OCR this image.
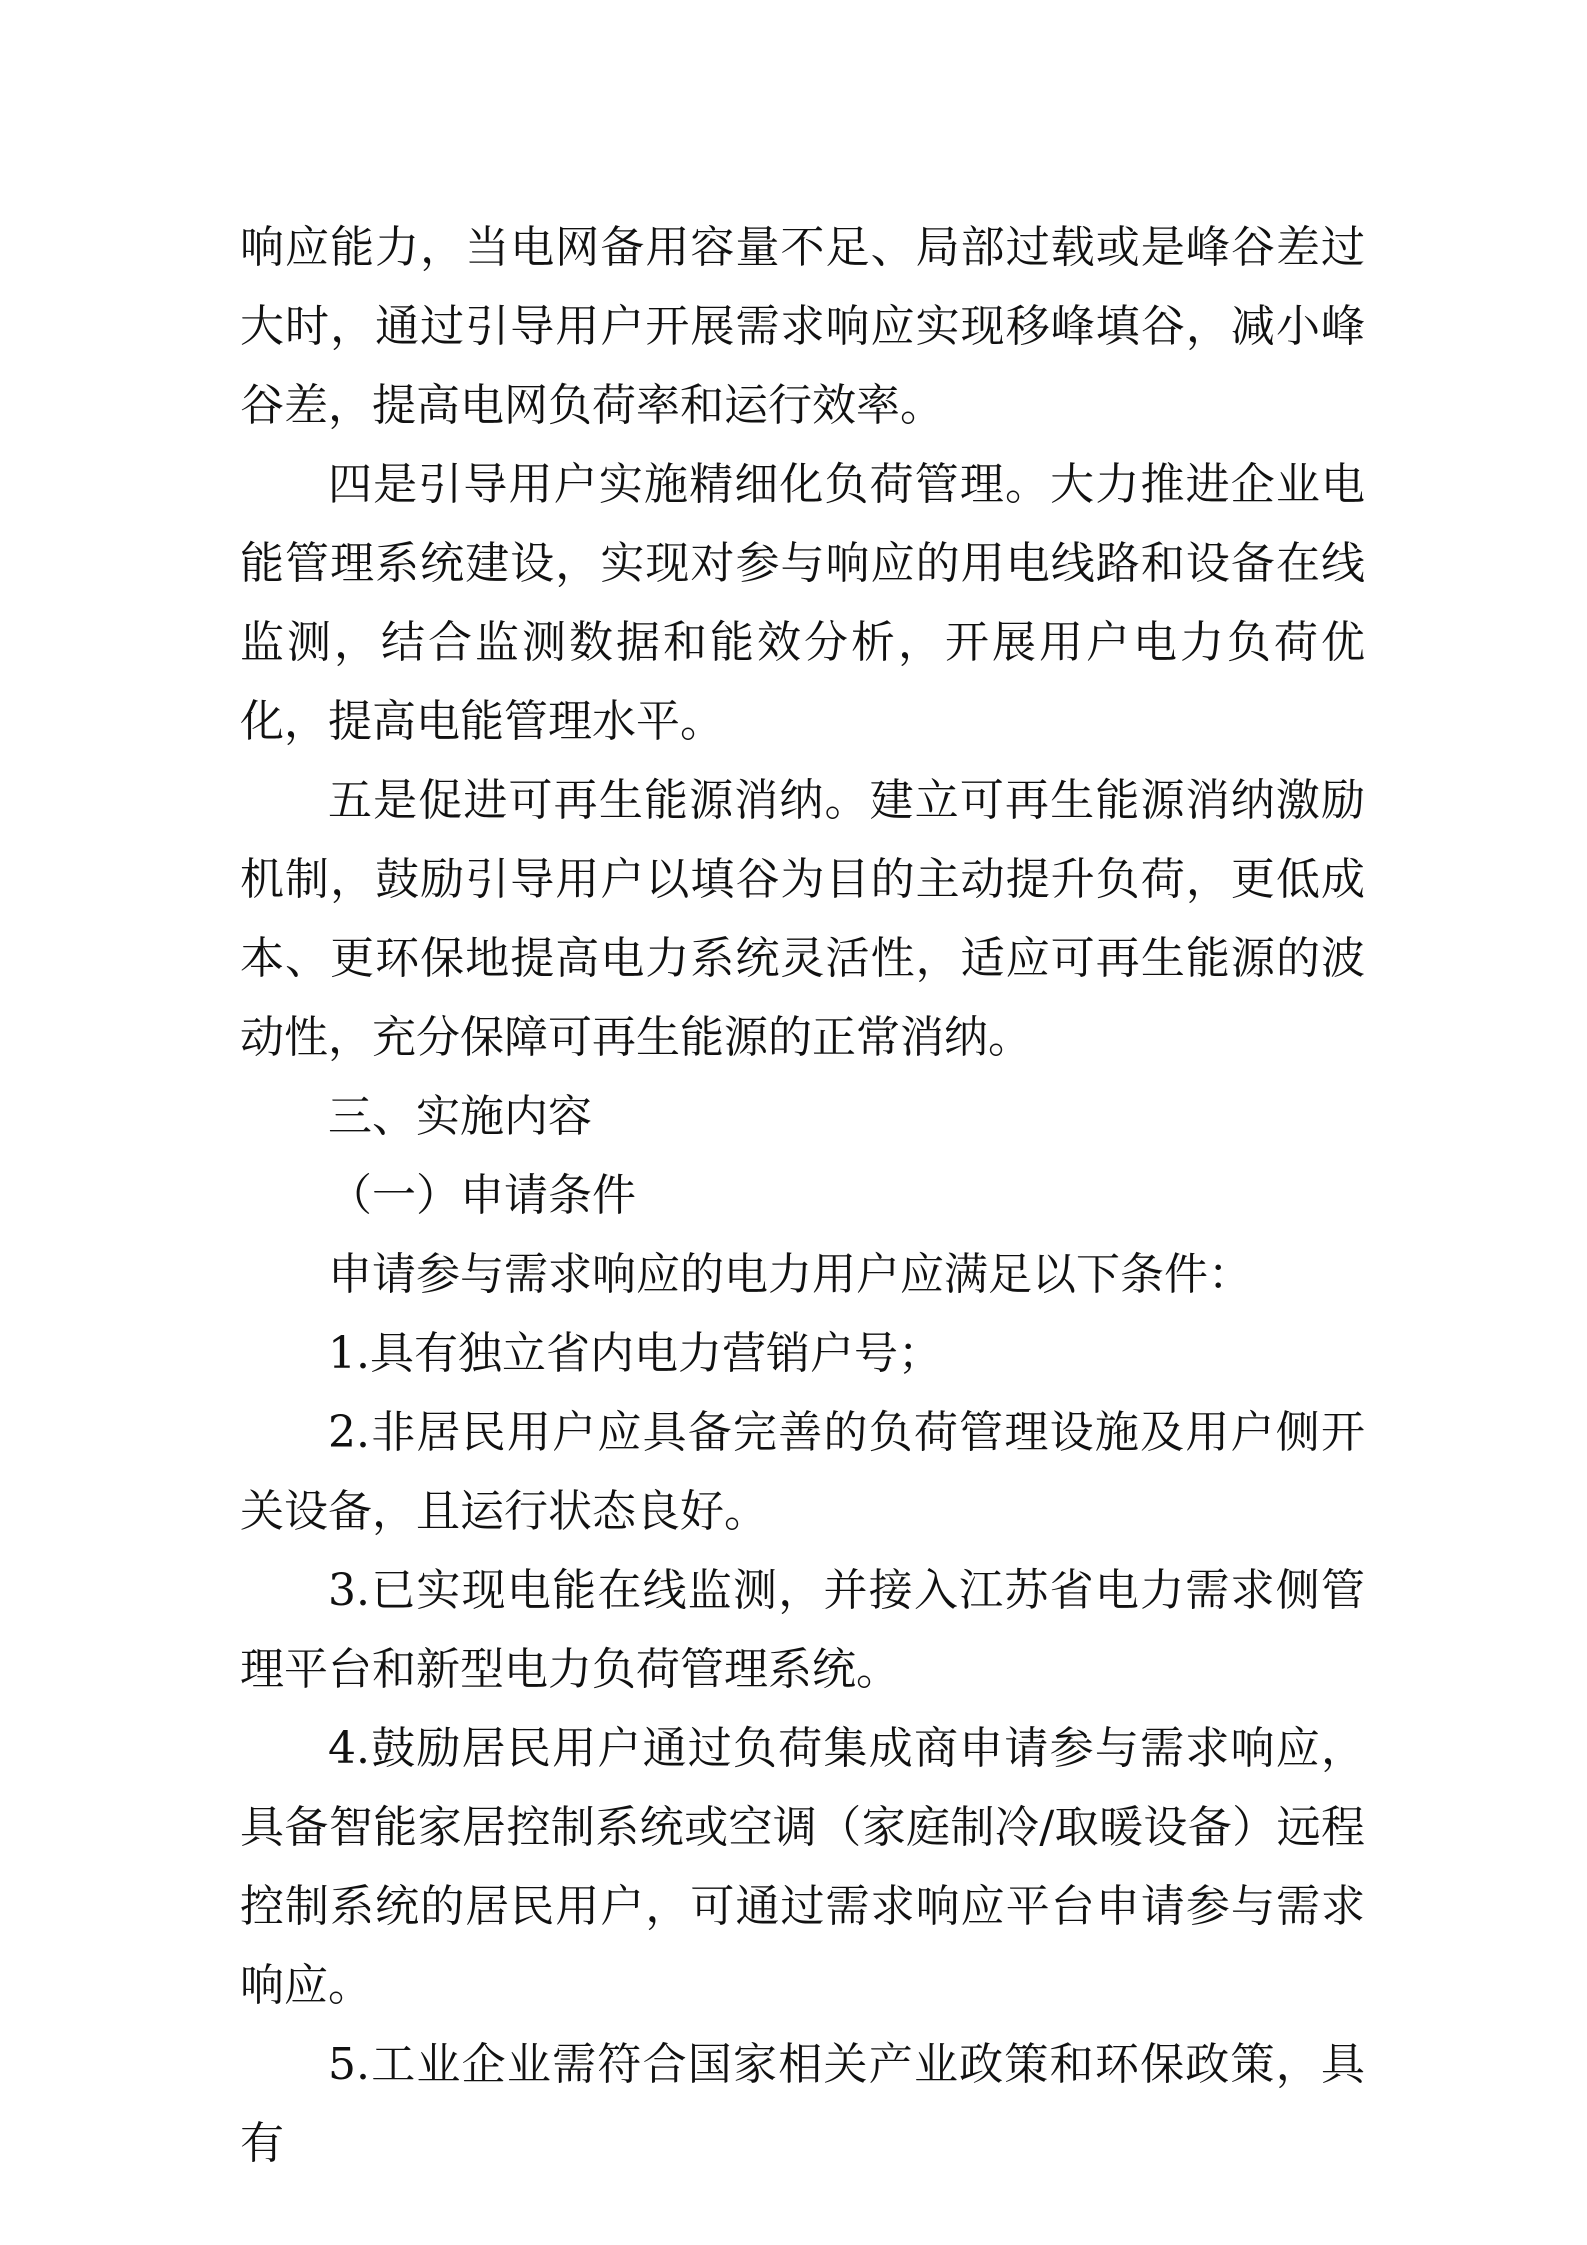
响应能力，当电网备用容量不足、局部过载或是峰谷差过大时，通过引导用户开展需求响应实现移峰填谷，减小峰谷差，提高电网负荷率和运行效率。

四是引导用户实施精细化负荷管理。大力推进企业电能管理系统建设，实现对参与响应的用电线路和设备在线监测，结合监测数据和能效分析，开展用户电力负荷优化，提高电能管理水平。

五是促进可再生能源消纳。建立可再生能源消纳激励机制，鼓励引导用户以填谷为目的主动提升负荷，更低成本、更环保地提高电力系统灵活性，适应可再生能源的波动性，充分保障可再生能源的正常消纳。

三、实施内容

（一）申请条件

申请参与需求响应的电力用户应满足以下条件：

1.具有独立省内电力营销户号；

2.非居民用户应具备完善的负荷管理设施及用户侧开关设备，且运行状态良好。

3.已实现电能在线监测，并接入江苏省电力需求侧管理平台和新型电力负荷管理系统。

4.鼓励居民用户通过负荷集成商申请参与需求响应，具备智能家居控制系统或空调（家庭制冷/取暖设备）远程控制系统的居民用户，可通过需求响应平台申请参与需求响应。

5.工业企业需符合国家相关产业政策和环保政策，具有
